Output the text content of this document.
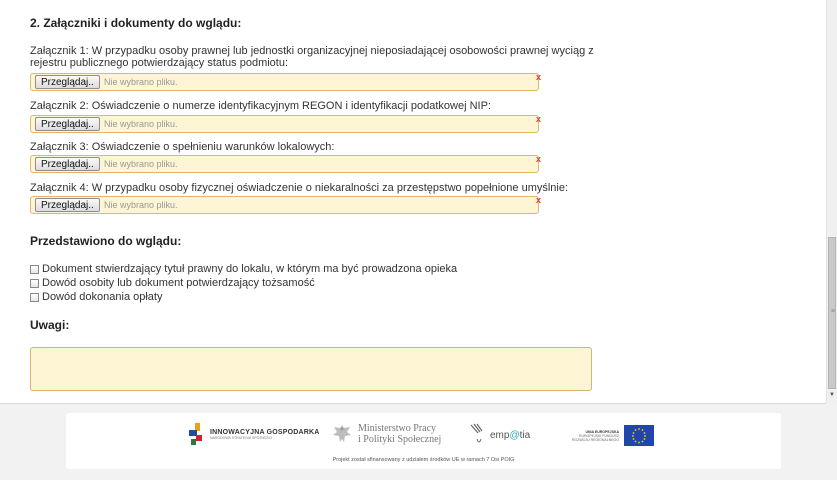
2. Załączniki i dokumenty do wglądu:
Załącznik 1: W przypadku osoby prawnej lub jednostki organizacyjnej nieposiadającej osobowości prawnej wyciąg z rejestru publicznego potwierdzający status podmiotu:
Przeglądaj..	Nie wybrano pliku.	x
Załącznik 2: Oświadczenie o numerze identyfikacyjnym REGON i identyfikacji podatkowej NIP:
Przeglądaj..	Nie wybrano pliku.	x
Załącznik 3: Oświadczenie o spełnieniu warunków lokalowych:
Przeglądaj..	Nie wybrano pliku.	x
Załącznik 4: W przypadku osoby fizycznej oświadczenie o niekaralności za przestępstwo popełnione umyślnie:
Przeglądaj..	Nie wybrano pliku.	x
Przedstawiono do wglądu:
Dokument stwierdzający tytuł prawny do lokalu, w którym ma być prowadzona opieka
Dowód osobity lub dokument potwierdzający tożsamość
Dowód dokonania opłaty
Uwagi:
≡
▼
INNOWACYJNA GOSPODARKA
NARODOWA STRATEGIA SPÓJNOŚCI
Ministerstwo Pracy
i Polityki Społecznej	emp@tia	UNIA EUROPEJSKA
EUROPEJSKI FUNDUSZ
ROZWOJU REGIONALNEGO
Projekt został sfinansowany z udziałem środków UE w ramach 7 Osi POIG
